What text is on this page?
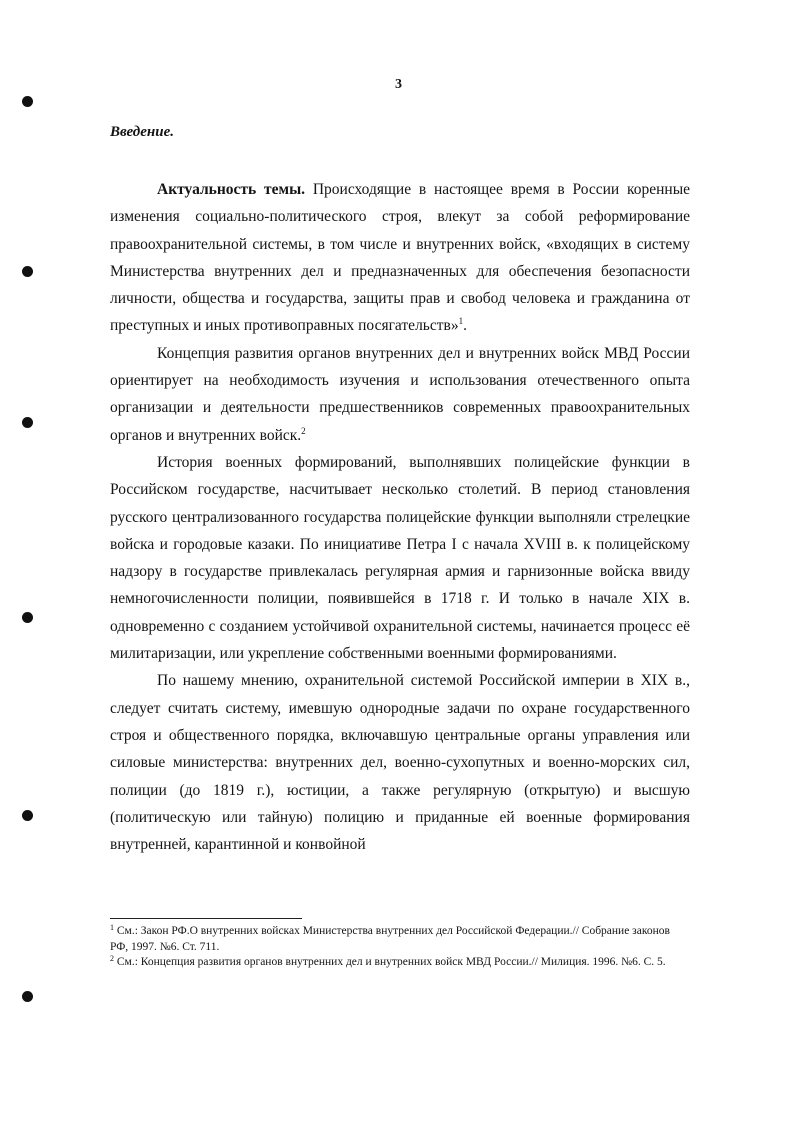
3
Введение.

Актуальность темы. Происходящие в настоящее время в России коренные изменения социально-политического строя, влекут за собой реформирование правоохранительной системы, в том числе и внутренних войск, «входящих в систему Министерства внутренних дел и предназначенных для обеспечения безопасности личности, общества и государства, защиты прав и свобод человека и гражданина от преступных и иных противоправных посягательств»$^1$.

Концепция развития органов внутренних дел и внутренних войск МВД России ориентирует на необходимость изучения и использования отечественного опыта организации и деятельности предшественников современных правоохранительных органов и внутренних войск.$^2$

История военных формирований, выполнявших полицейские функции в Российском государстве, насчитывает несколько столетий. В период становления русского централизованного государства полицейские функции выполняли стрелецкие войска и городовые казаки. По инициативе Петра I с начала XVIII в. к полицейскому надзору в государстве привлекалась регулярная армия и гарнизонные войска ввиду немногочисленности полиции, появившейся в 1718 г. И только в начале XIX в. одновременно с созданием устойчивой охранительной системы, начинается процесс её милитаризации, или укрепление собственными военными формированиями.

По нашему мнению, охранительной системой Российской империи в XIX в., следует считать систему, имевшую однородные задачи по охране государственного строя и общественного порядка, включавшую центральные органы управления или силовые министерства: внутренних дел, военно-сухопутных и военно-морских сил, полиции (до 1819 г.), юстиции, а также регулярную (открытую) и высшую (политическую или тайную) полицию и приданные ей военные формирования внутренней, карантинной и конвойной

$^1$ См.: Закон РФ.О внутренних войсках Министерства внутренних дел Российской Федерации.// Собрание законов РФ, 1997. №6. Ст. 711.

$^2$ См.: Концепция развития органов внутренних дел и внутренних войск МВД России.// Милиция. 1996. №6. С. 5.
